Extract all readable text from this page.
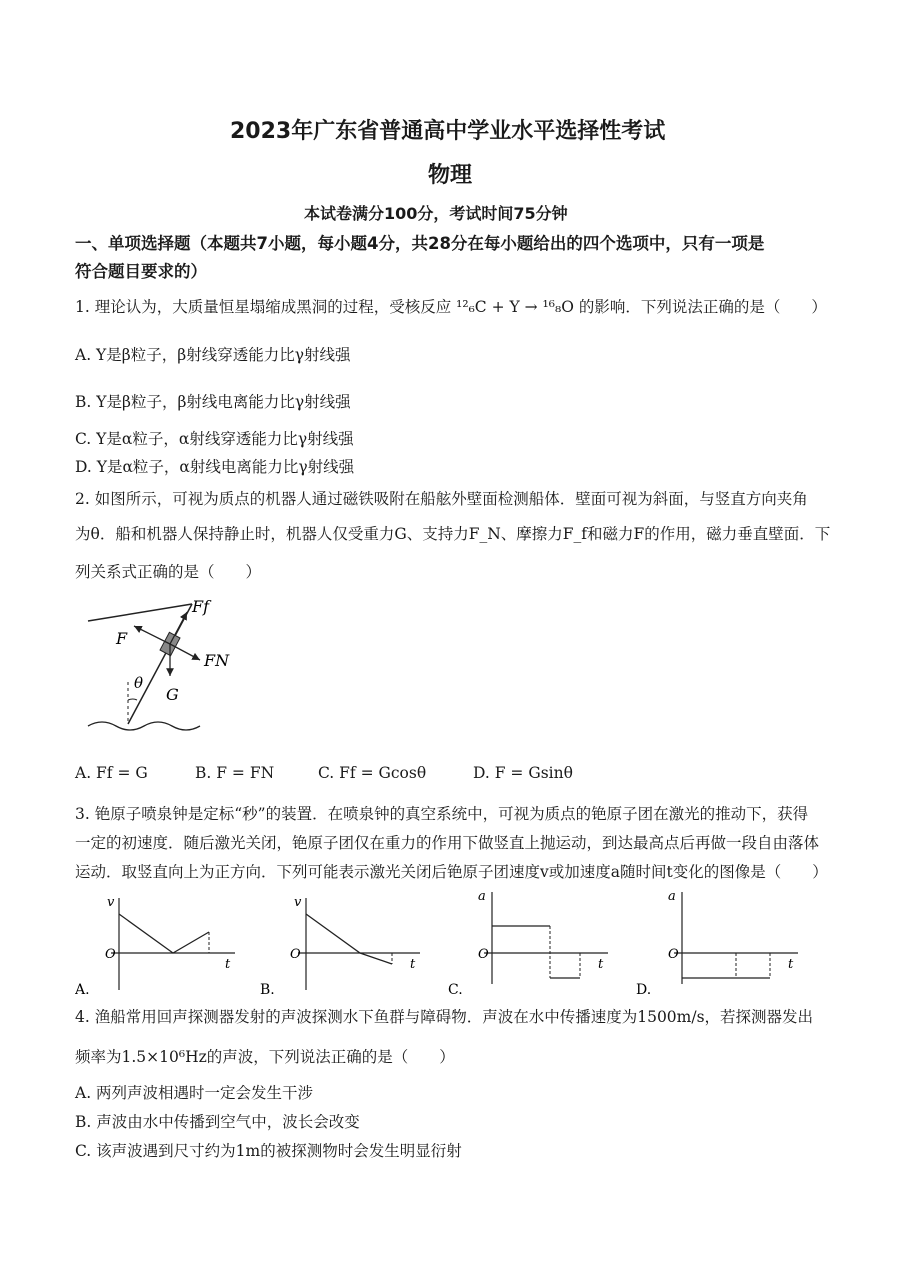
2023年广东省普通高中学业水平选择性考试
物理
本试卷满分100分，考试时间75分钟
一、单项选择题（本题共7小题，每小题4分，共28分在每小题给出的四个选项中，只有一项是
符合题目要求的）
1. 理论认为，大质量恒星塌缩成黑洞的过程，受核反应 ¹²₆C + Y → ¹⁶₈O 的影响．下列说法正确的是（　　）
A. Y是β粒子，β射线穿透能力比γ射线强
B. Y是β粒子，β射线电离能力比γ射线强
C. Y是α粒子，α射线穿透能力比γ射线强
D. Y是α粒子，α射线电离能力比γ射线强
2. 如图所示，可视为质点的机器人通过磁铁吸附在船舷外壁面检测船体．壁面可视为斜面，与竖直方向夹角
为θ．船和机器人保持静止时，机器人仅受重力G、支持力F_N、摩擦力F_f和磁力F的作用，磁力垂直壁面．下
列关系式正确的是（　　）
Ff
F
FN
G
θ
A. Ff = G	B. F = FN	C. Ff = Gcosθ	D. F = Gsinθ
3. 铯原子喷泉钟是定标“秒”的装置．在喷泉钟的真空系统中，可视为质点的铯原子团在激光的推动下，获得
一定的初速度．随后激光关闭，铯原子团仅在重力的作用下做竖直上抛运动，到达最高点后再做一段自由落体
运动．取竖直向上为正方向．下列可能表示激光关闭后铯原子团速度v或加速度a随时间t变化的图像是（　　）
v
t
O
A.
v
t
O
B.
a
t
O
C.
a
t
O
D.
4. 渔船常用回声探测器发射的声波探测水下鱼群与障碍物．声波在水中传播速度为1500m/s，若探测器发出
频率为1.5×10⁶Hz的声波，下列说法正确的是（　　）
A. 两列声波相遇时一定会发生干涉
B. 声波由水中传播到空气中，波长会改变
C. 该声波遇到尺寸约为1m的被探测物时会发生明显衍射
